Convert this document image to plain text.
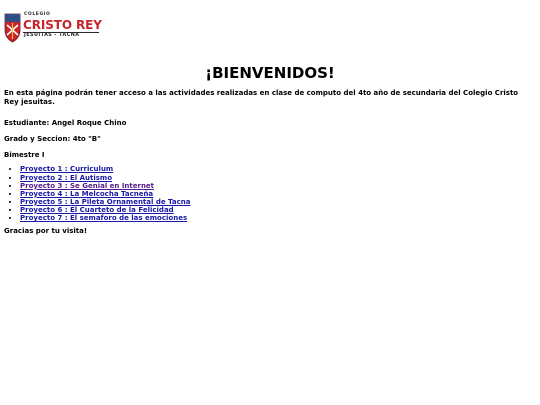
COLEGIO
CRISTO REY
JESUITAS - TACNA
¡BIENVENIDOS!

En esta página podrán tener acceso a las actividades realizadas en clase de computo del 4to año de secundaria del Colegio Cristo Rey jesuitas.

Estudiante: Angel Roque Chino

Grado y Seccion: 4to "B"

Bimestre I

• Proyecto 1 : Curriculum
• Proyecto 2 : El Autismo
• Proyecto 3 : Se Genial en Internet
• Proyecto 4 : La Melcocha Tacneña
• Proyecto 5 : La Pileta Ornamental de Tacna
• Proyecto 6 : El Cuarteto de la Felicidad
• Proyecto 7 : El semaforo de las emociones

Gracias por tu visita!
